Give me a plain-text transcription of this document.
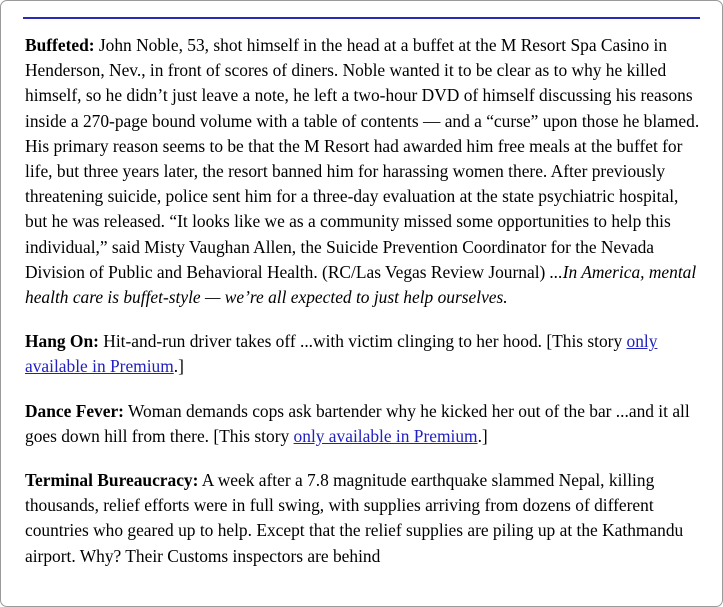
Buffeted: John Noble, 53, shot himself in the head at a buffet at the M Resort Spa Casino in Henderson, Nev., in front of scores of diners. Noble wanted it to be clear as to why he killed himself, so he didn’t just leave a note, he left a two-hour DVD of himself discussing his reasons inside a 270-page bound volume with a table of contents — and a “curse” upon those he blamed. His primary reason seems to be that the M Resort had awarded him free meals at the buffet for life, but three years later, the resort banned him for harassing women there. After previously threatening suicide, police sent him for a three-day evaluation at the state psychiatric hospital, but he was released. “It looks like we as a community missed some opportunities to help this individual,” said Misty Vaughan Allen, the Suicide Prevention Coordinator for the Nevada Division of Public and Behavioral Health. (RC/Las Vegas Review Journal) ...In America, mental health care is buffet-style — we’re all expected to just help ourselves.

Hang On: Hit-and-run driver takes off ...with victim clinging to her hood. [This story only available in Premium.]

Dance Fever: Woman demands cops ask bartender why he kicked her out of the bar ...and it all goes down hill from there. [This story only available in Premium.]

Terminal Bureaucracy: A week after a 7.8 magnitude earthquake slammed Nepal, killing thousands, relief efforts were in full swing, with supplies arriving from dozens of different countries who geared up to help. Except that the relief supplies are piling up at the Kathmandu airport. Why? Their Customs inspectors are behind
